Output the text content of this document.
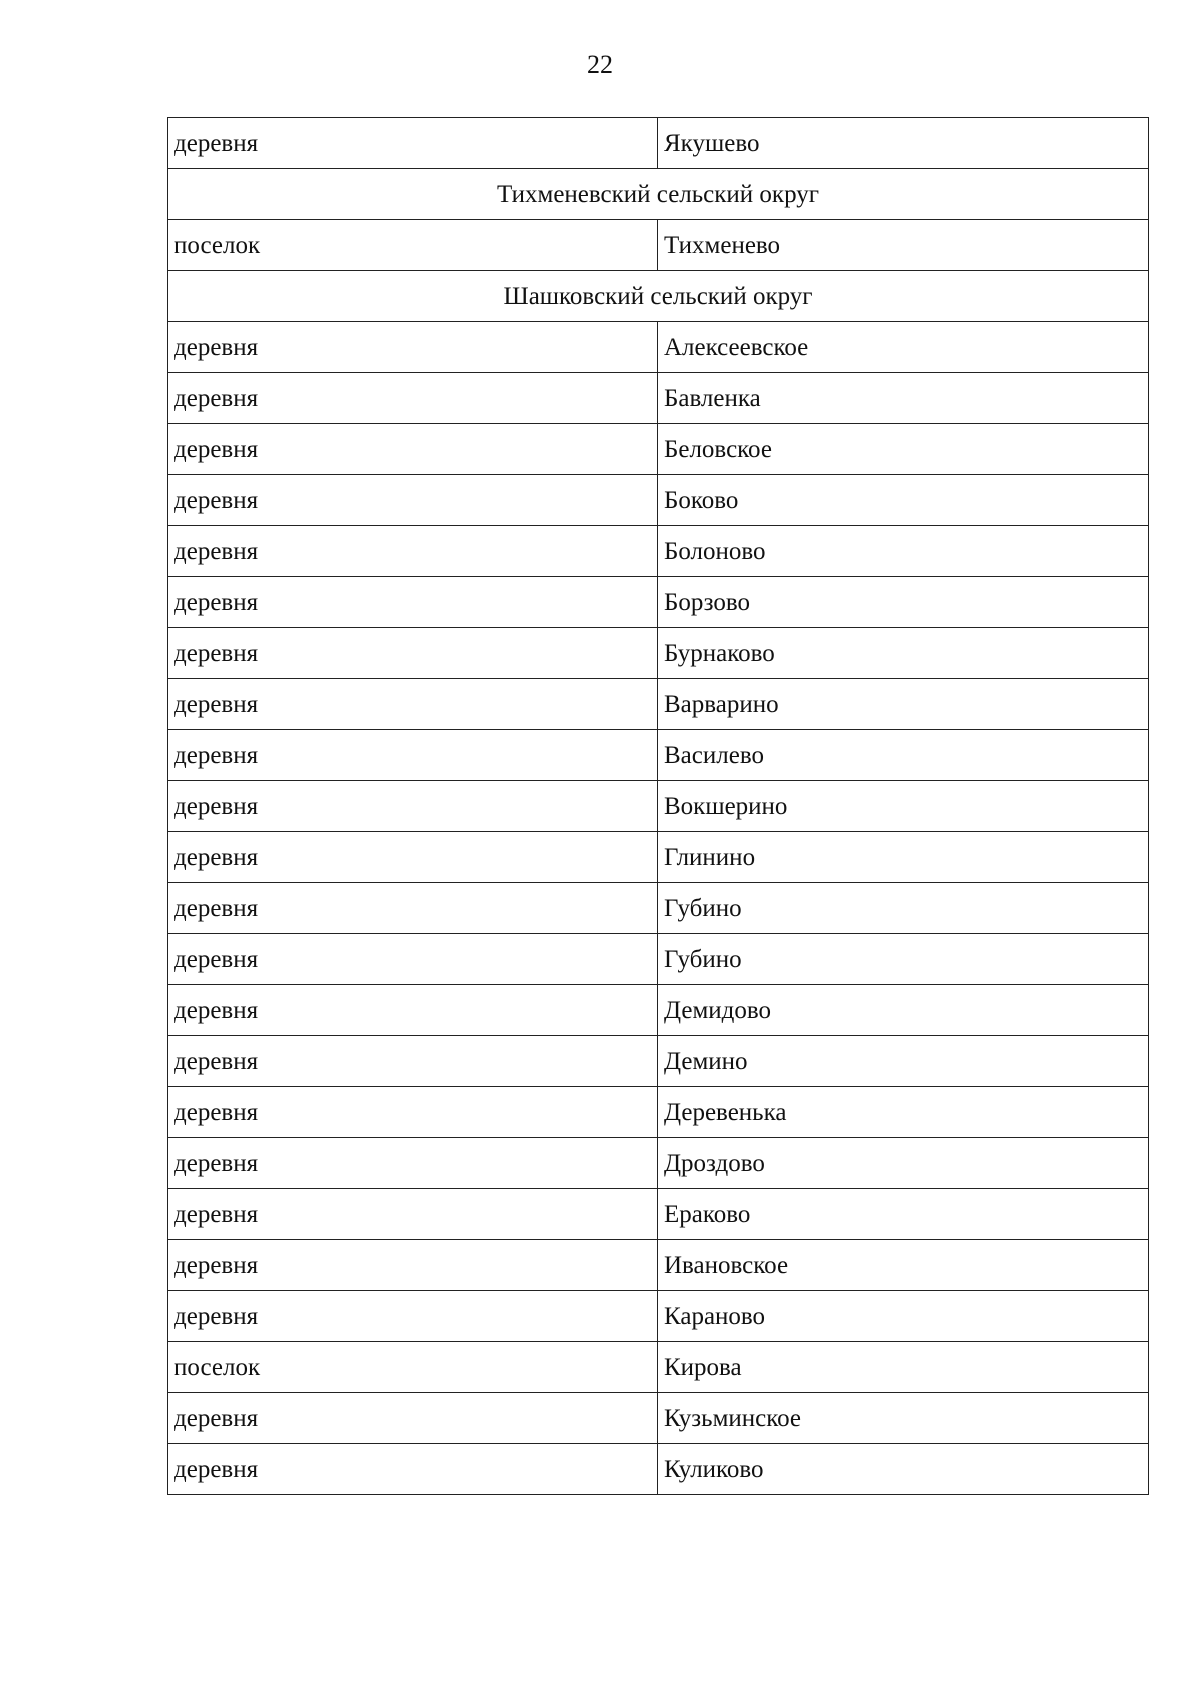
22
деревня	Якушево
Тихменевский сельский округ	
поселок	Тихменево
Шашковский сельский округ	
деревня	Алексеевское
деревня	Бавленка
деревня	Беловское
деревня	Боково
деревня	Болоново
деревня	Борзово
деревня	Бурнаково
деревня	Варварино
деревня	Василево
деревня	Вокшерино
деревня	Глинино
деревня	Губино
деревня	Губино
деревня	Демидово
деревня	Демино
деревня	Деревенька
деревня	Дроздово
деревня	Ераково
деревня	Ивановское
деревня	Караново
поселок	Кирова
деревня	Кузьминское
деревня	Куликово
